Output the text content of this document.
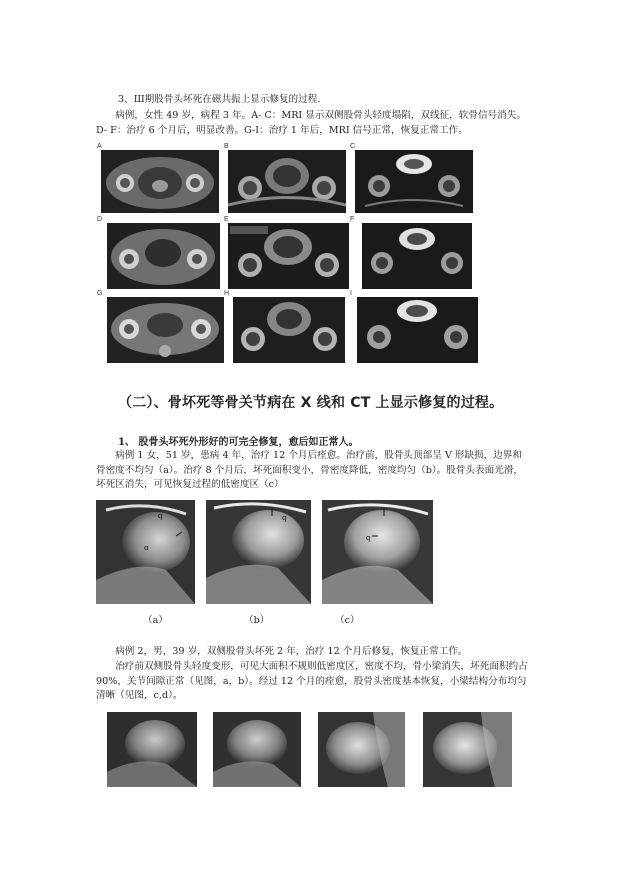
3、Ш期股骨头坏死在磁共振上显示修复的过程.

病例，女性 49 岁，病程 3 年。A- C：MRI 显示双侧股骨头轻度塌陷，双线征，软骨信号消失。D- F：治疗 6 个月后，明显改善。G-I：治疗 1 年后，MRI 信号正常，恢复正常工作。

A	B	C
D	E	F
G	H	I
（二）、骨坏死等骨关节病在 X 线和 CT 上显示修复的过程。
1、 股骨头坏死外形好的可完全修复，愈后如正常人。

病例 1 女，51 岁，患病 4 年，治疗 12 个月后痊愈。治疗前，股骨头顶部呈 V 形缺损，边界和骨密度不均匀（a）。治疗 8 个月后，坏死面积变小，骨密度降低，密度均匀（b）。股骨头表面光滑，坏死区消失，可见恢复过程的低密度区（c）

q
ɑ
q
q
（a）	（b）	（c）

病例 2，男，39 岁，双侧股骨头坏死 2 年，治疗 12 个月后修复，恢复正常工作。

治疗前双侧股骨头轻度变形，可见大面积不规则低密度区，密度不均，骨小梁消失，坏死面积约占 90%，关节间隙正常（见图，a，b）。经过 12 个月的痊愈，股骨头密度基本恢复，小梁结构分布均匀清晰（见图，c,d）。
